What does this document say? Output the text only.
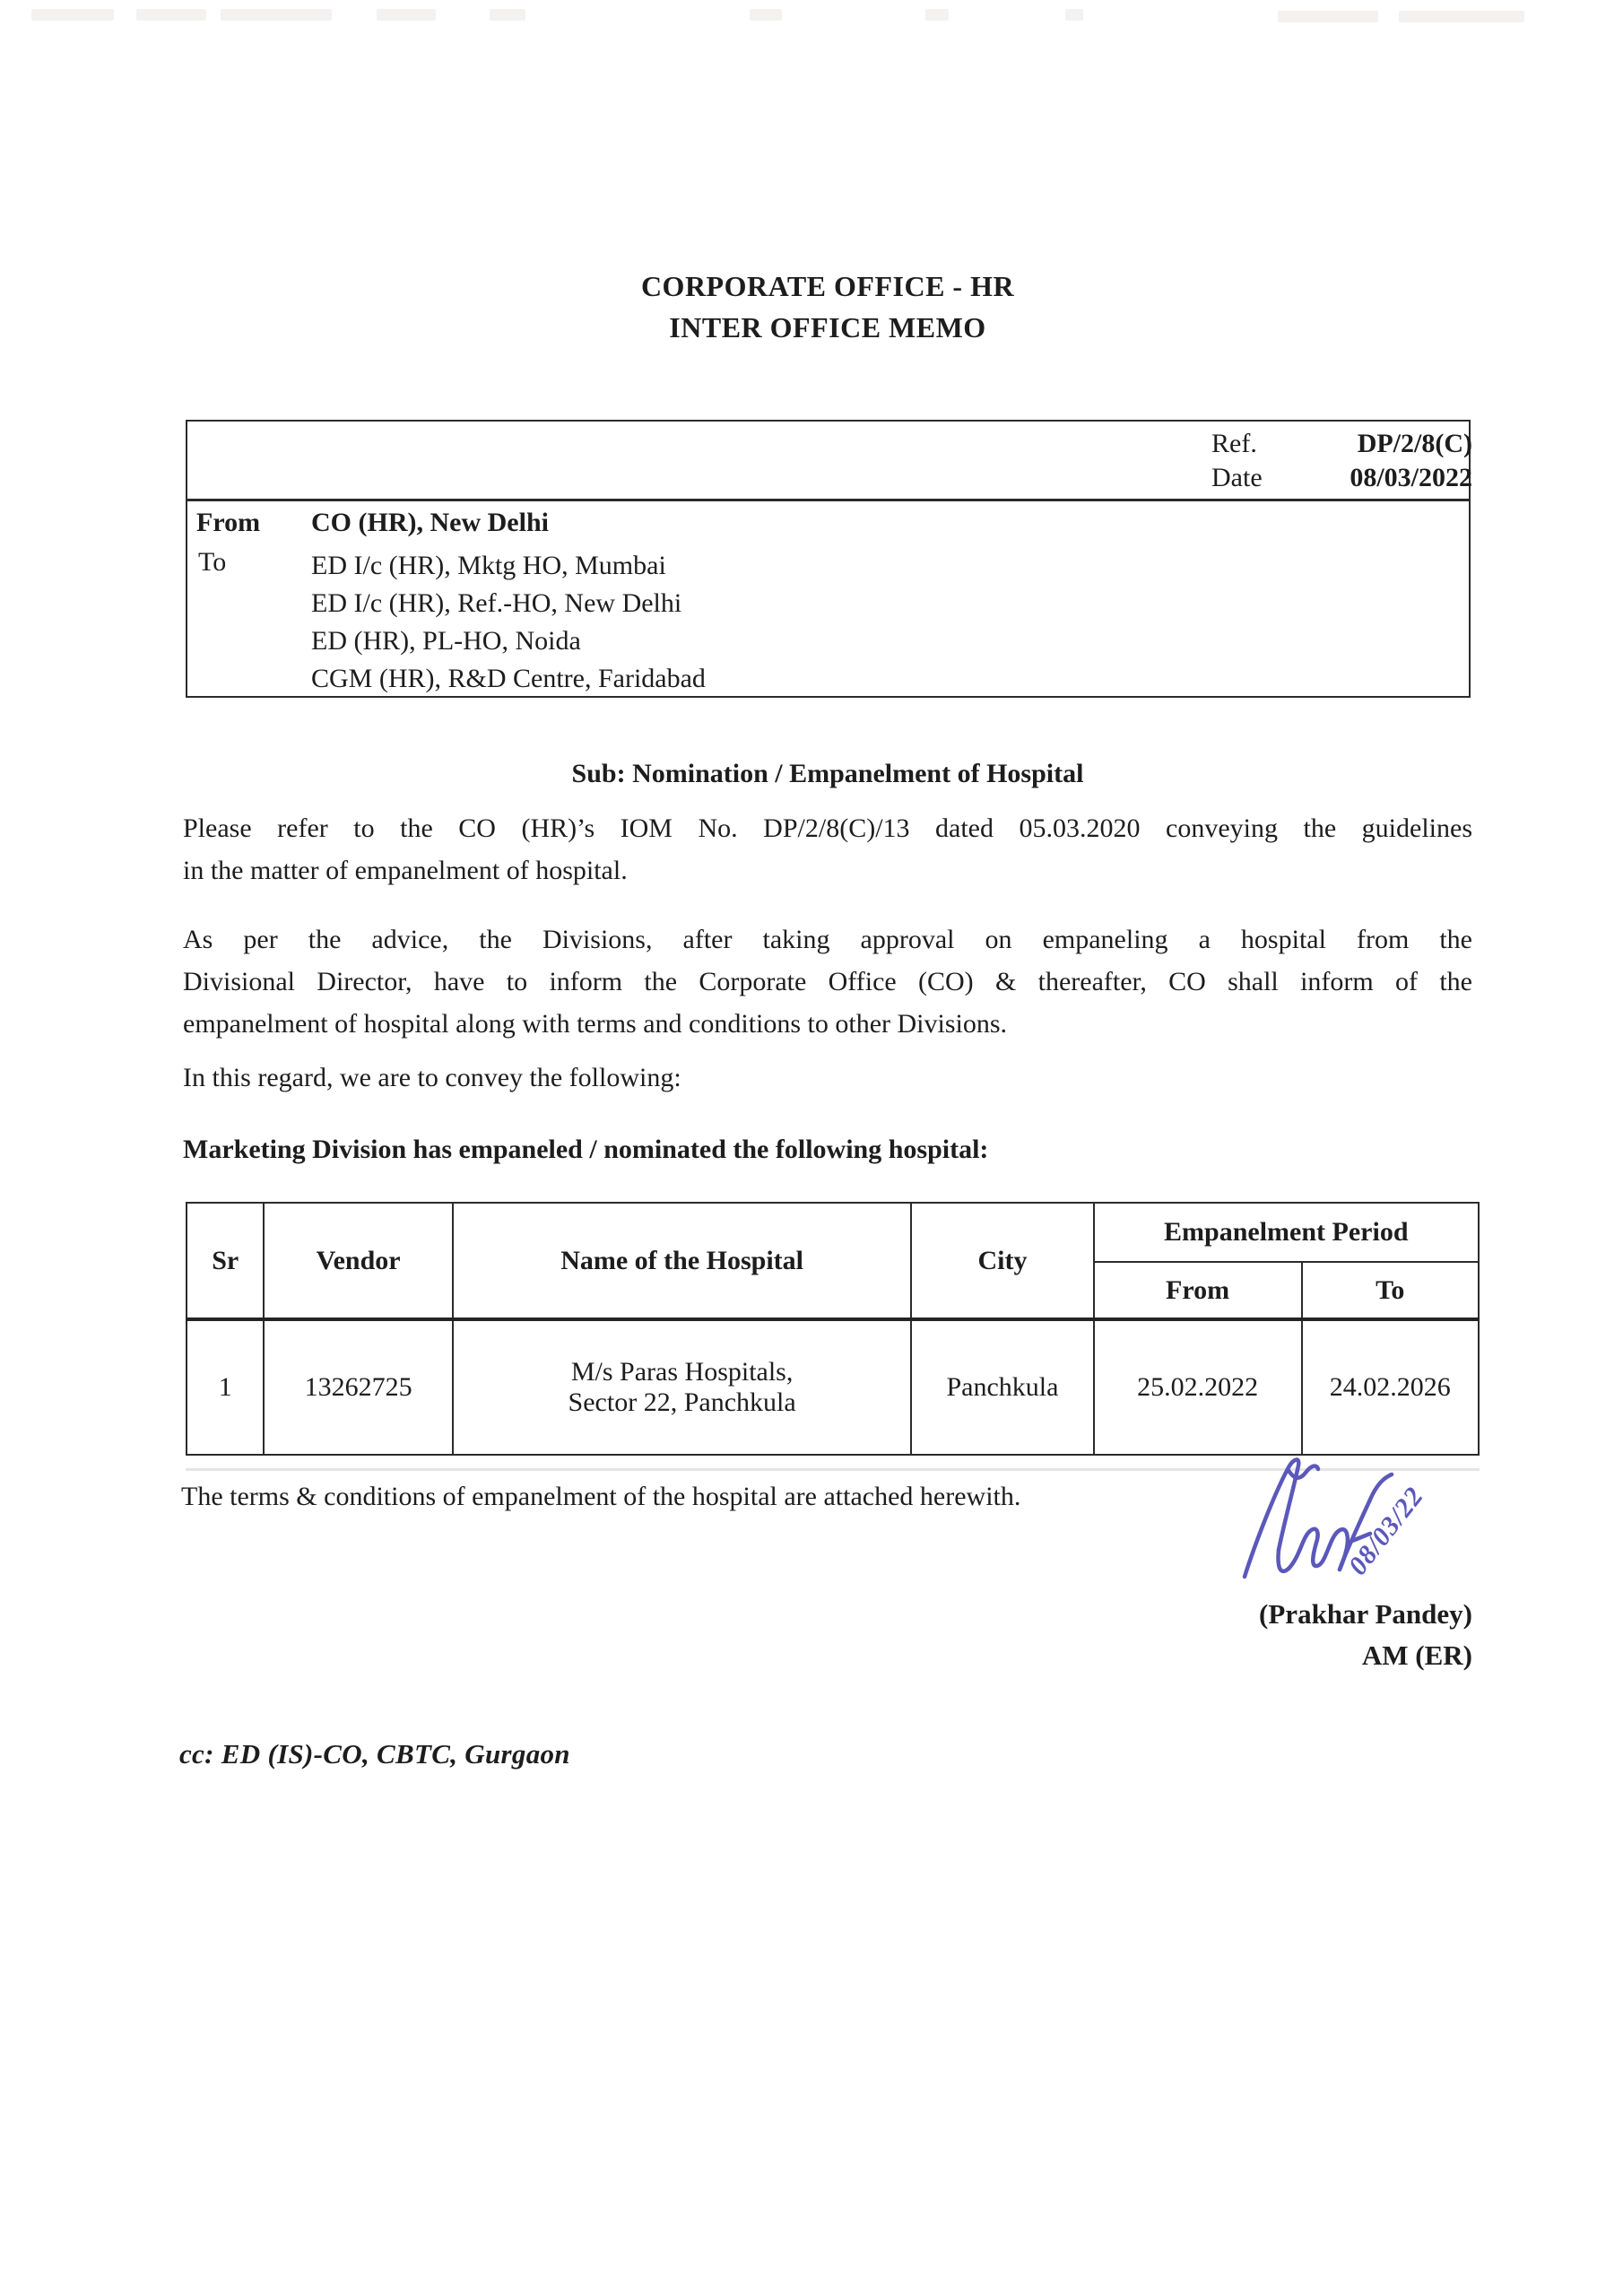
CORPORATE OFFICE - HR
INTER OFFICE MEMO
Ref.	DP/2/8(C)
Date	08/03/2022
From CO (HR), New Delhi
To	ED I/c (HR), Mktg HO, Mumbai
ED I/c (HR), Ref.-HO, New Delhi
ED (HR), PL-HO, Noida
CGM (HR), R&D Centre, Faridabad
Sub: Nomination / Empanelment of Hospital
Please refer to the CO (HR)’s IOM No. DP/2/8(C)/13 dated 05.03.2020 conveying the guidelines
in the matter of empanelment of hospital.
As per the advice, the Divisions, after taking approval on empaneling a hospital from the
Divisional Director, have to inform the Corporate Office (CO) & thereafter, CO shall inform of the
empanelment of hospital along with terms and conditions to other Divisions.
In this regard, we are to convey the following:
Marketing Division has empaneled / nominated the following hospital:
Sr	Vendor	Name of the Hospital	City	Empanelment Period	
				From	To
1	13262725	M/s Paras Hospitals,
Sector 22, Panchkula	Panchkula	25.02.2022	24.02.2026
The terms & conditions of empanelment of the hospital are attached herewith.	08/03/22
(Prakhar Pandey)
AM (ER)
cc: ED (IS)-CO, CBTC, Gurgaon
